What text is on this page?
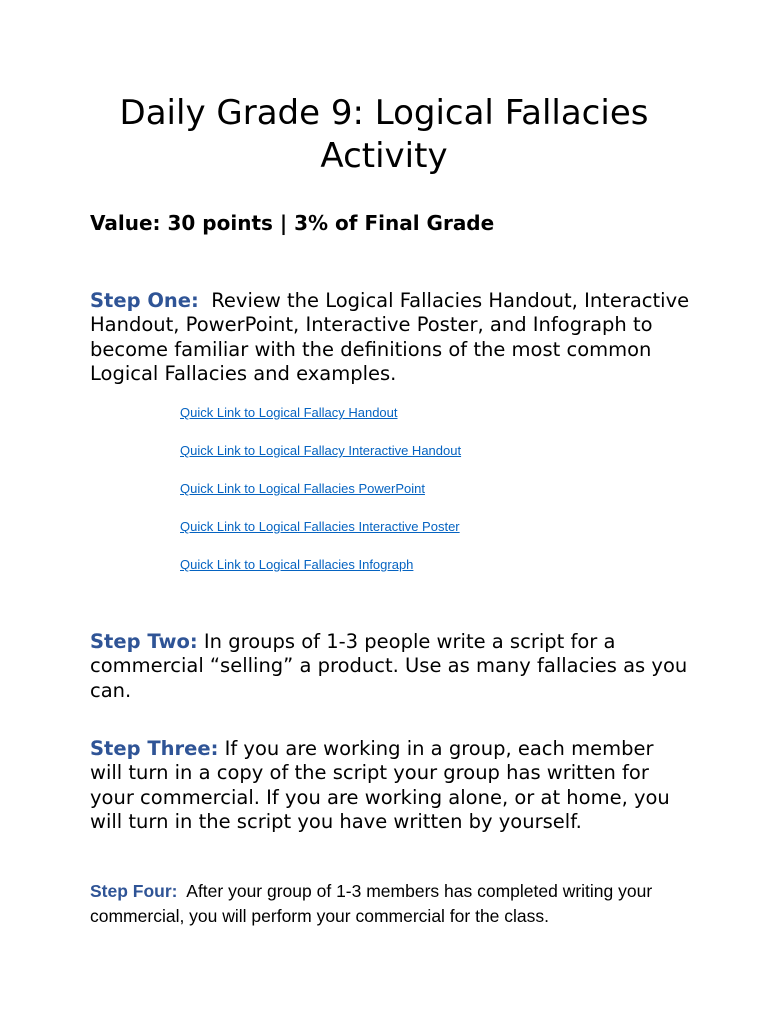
Daily Grade 9: Logical Fallacies
Activity
Value: 30 points | 3% of Final Grade

Step One: Review the Logical Fallacies Handout, Interactive Handout, PowerPoint, Interactive Poster, and Infograph to become familiar with the definitions of the most common Logical Fallacies and examples.

Quick Link to Logical Fallacy Handout
Quick Link to Logical Fallacy Interactive Handout
Quick Link to Logical Fallacies PowerPoint
Quick Link to Logical Fallacies Interactive Poster
Quick Link to Logical Fallacies Infograph

Step Two: In groups of 1-3 people write a script for a commercial “selling” a product. Use as many fallacies as you can.

Step Three: If you are working in a group, each member will turn in a copy of the script your group has written for your commercial. If you are working alone, or at home, you will turn in the script you have written by yourself.

Step Four: After your group of 1-3 members has completed writing your commercial, you will perform your commercial for the class.
